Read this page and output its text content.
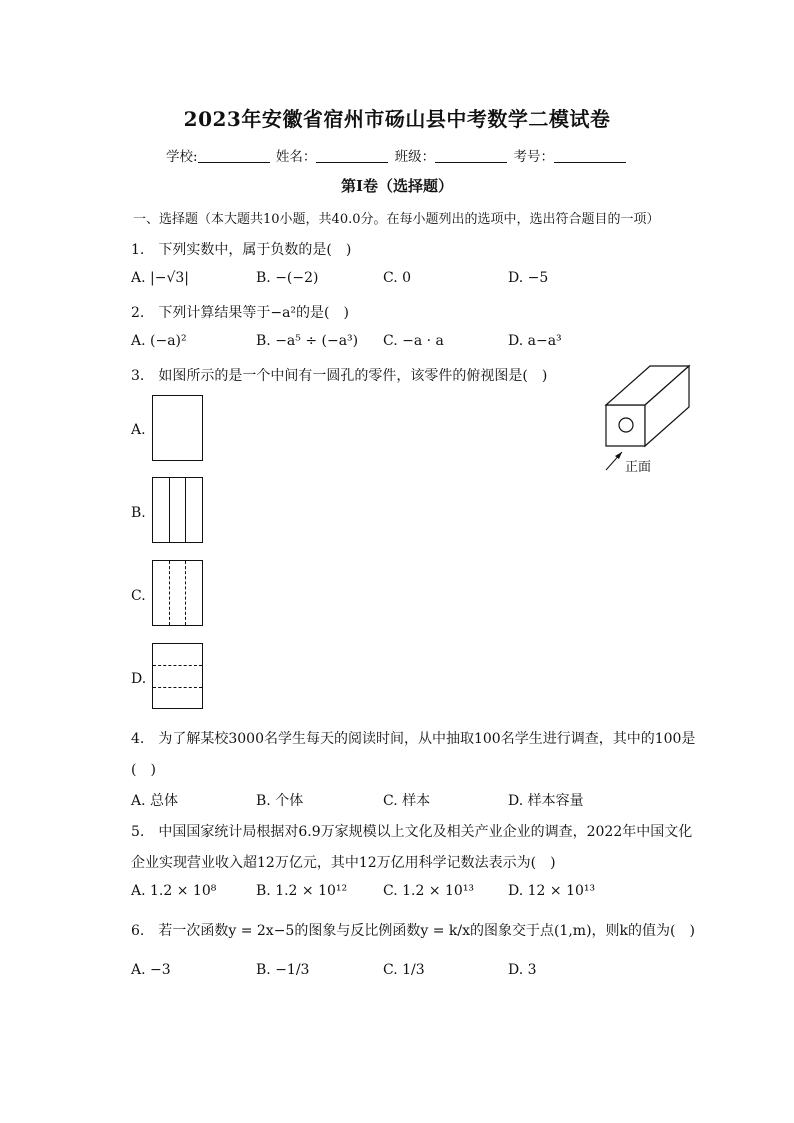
2023年安徽省宿州市砀山县中考数学二模试卷
学校:	姓名：	班级：	考号：
第I卷（选择题）
一、选择题（本大题共10小题，共40.0分。在每小题列出的选项中，选出符合题目的一项）
1.　下列实数中，属于负数的是(　)
A. |−√3|	B. −(−2)	C. 0	D. −5
2.　下列计算结果等于−a²的是(　)
A. (−a)²	B. −a⁵ ÷ (−a³) C. −a · a	D. a−a³
3.　如图所示的是一个中间有一圆孔的零件，该零件的俯视图是(　)
A.
B.
C.
D.
正面
4.　为了解某校3000名学生每天的阅读时间，从中抽取100名学生进行调查，其中的100是
(　)
A. 总体	B. 个体	C. 样本	D. 样本容量
5.　中国国家统计局根据对6.9万家规模以上文化及相关产业企业的调查，2022年中国文化
企业实现营业收入超12万亿元，其中12万亿用科学记数法表示为(　)
A. 1.2 × 10⁸	B. 1.2 × 10¹²	C. 1.2 × 10¹³ D. 12 × 10¹³
6.　若一次函数y = 2x−5的图象与反比例函数y = k/x的图象交于点(1,m)，则k的值为(　)
A. −3	B. −1/3	C. 1/3	D. 3
